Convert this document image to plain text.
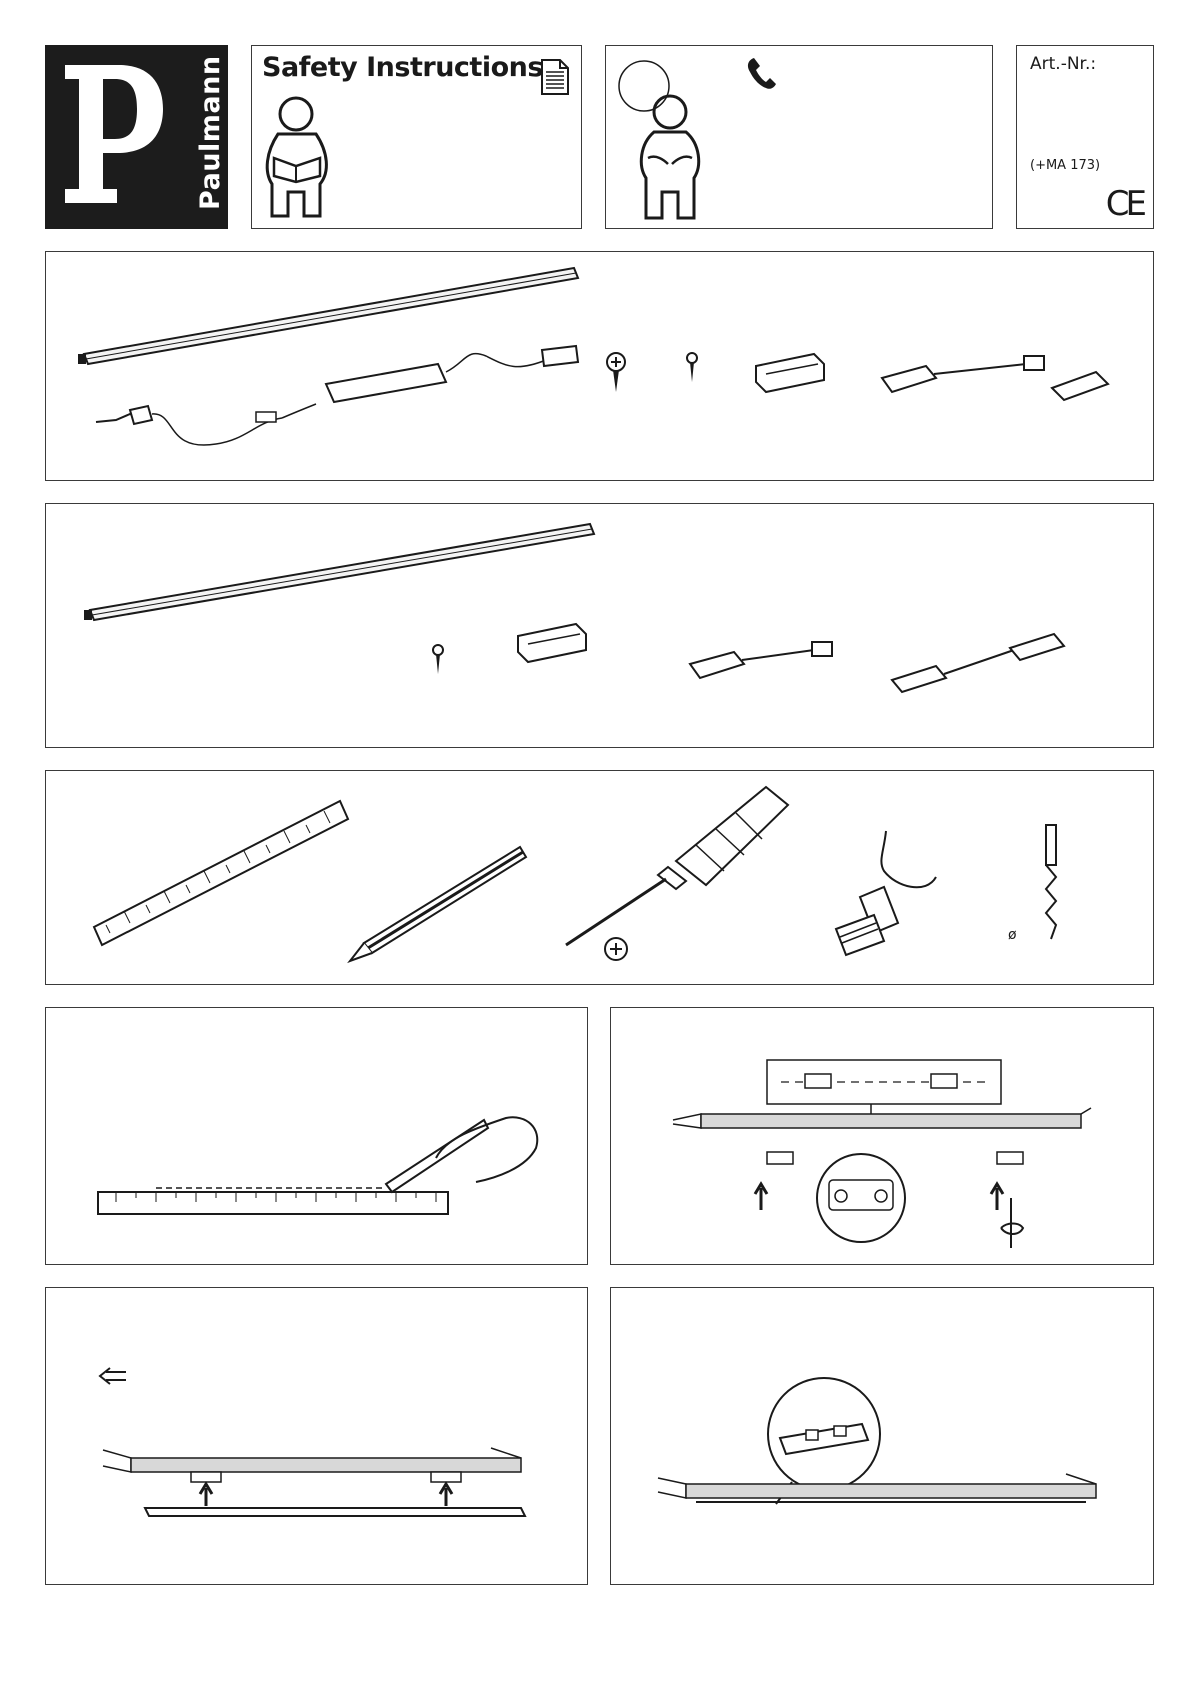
Paulmann Safety Instructions	Art.-Nr.:
(+MA 173)
CE
ø
